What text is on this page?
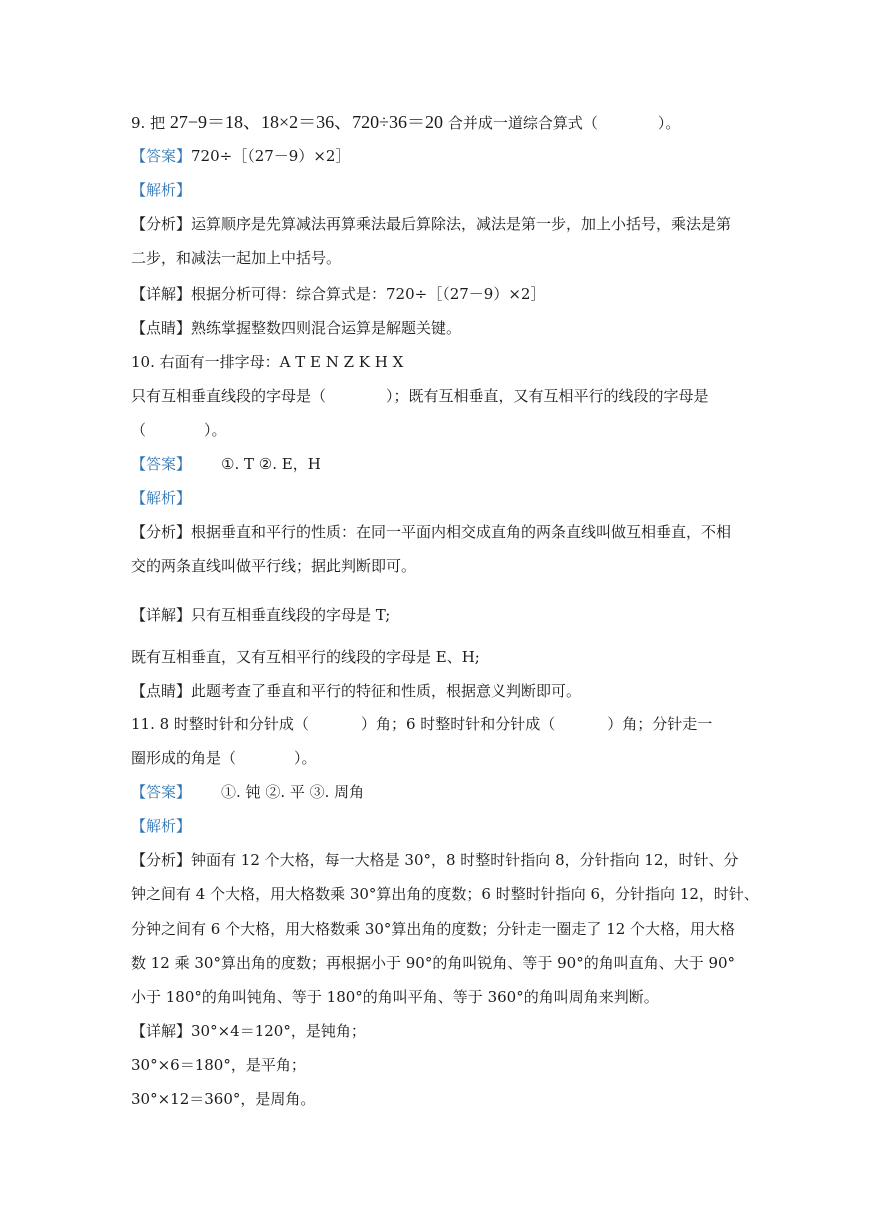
9. 把 27−9＝18、18×2＝36、720÷36＝20 合并成一道综合算式（	）。
【答案】720÷［（27－9）×2］
【解析】
【分析】运算顺序是先算减法再算乘法最后算除法，减法是第一步，加上小括号，乘法是第
二步，和减法一起加上中括号。
【详解】根据分析可得：综合算式是：720÷［（27－9）×2］
【点睛】熟练掌握整数四则混合运算是解题关键。
10. 右面有一排字母：A T E N Z K H X
只有互相垂直线段的字母是（	）；既有互相垂直，又有互相平行的线段的字母是
（	）。
【答案】 ①. T ②. E，H
【解析】
【分析】根据垂直和平行的性质：在同一平面内相交成直角的两条直线叫做互相垂直，不相
交的两条直线叫做平行线；据此判断即可。
【详解】只有互相垂直线段的字母是 T;
既有互相垂直，又有互相平行的线段的字母是 E、H;
【点睛】此题考查了垂直和平行的特征和性质，根据意义判断即可。
11. 8 时整时针和分针成（	）角；6 时整时针和分针成（	）角；分针走一
圈形成的角是（	）。
【答案】 ①. 钝 ②. 平 ③. 周角
【解析】
【分析】钟面有 12 个大格，每一大格是 30°，8 时整时针指向 8，分针指向 12，时针、分
钟之间有 4 个大格，用大格数乘 30°算出角的度数；6 时整时针指向 6，分针指向 12，时针、
分钟之间有 6 个大格，用大格数乘 30°算出角的度数；分针走一圈走了 12 个大格，用大格
数 12 乘 30°算出角的度数；再根据小于 90°的角叫锐角、等于 90°的角叫直角、大于 90°
小于 180°的角叫钝角、等于 180°的角叫平角、等于 360°的角叫周角来判断。
【详解】30°×4＝120°，是钝角；
30°×6＝180°，是平角；
30°×12＝360°，是周角。
